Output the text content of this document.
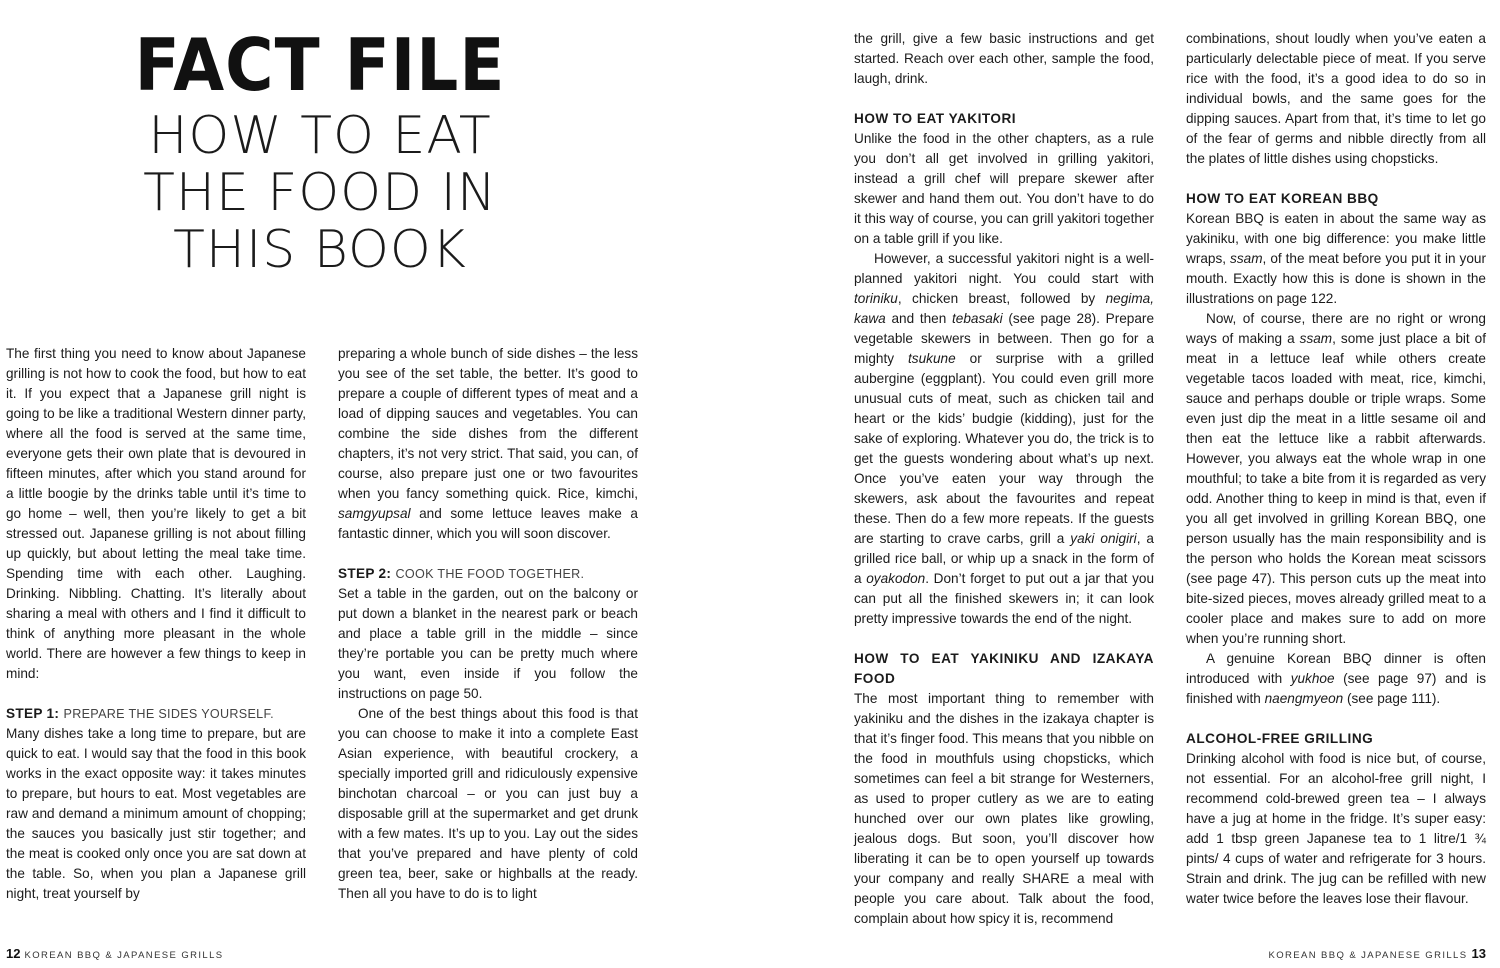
FACT FILE
HOW TO EAT
THE FOOD IN
THIS BOOK

The first thing you need to know about Japanese grilling is not how to cook the food, but how to eat it. If you expect that a Japanese grill night is going to be like a traditional Western dinner party, where all the food is served at the same time, everyone gets their own plate that is devoured in fifteen minutes, after which you stand around for a little boogie by the drinks table until it’s time to go home – well, then you’re likely to get a bit stressed out. Japanese grilling is not about filling up quickly, but about letting the meal take time. Spending time with each other. Laughing. Drinking. Nibbling. Chatting. It’s literally about sharing a meal with others and I find it difficult to think of anything more pleasant in the whole world. There are however a few things to keep in mind:

STEP 1: PREPARE THE SIDES YOURSELF.

Many dishes take a long time to prepare, but are quick to eat. I would say that the food in this book works in the exact opposite way: it takes minutes to prepare, but hours to eat. Most vegetables are raw and demand a minimum amount of chopping; the sauces you basically just stir together; and the meat is cooked only once you are sat down at the table. So, when you plan a Japanese grill night, treat yourself by

preparing a whole bunch of side dishes – the less you see of the set table, the better. It’s good to prepare a couple of different types of meat and a load of dipping sauces and vegetables. You can combine the side dishes from the different chapters, it’s not very strict. That said, you can, of course, also prepare just one or two favourites when you fancy something quick. Rice, kimchi, samgyupsal and some lettuce leaves make a fantastic dinner, which you will soon discover.

STEP 2: COOK THE FOOD TOGETHER.

Set a table in the garden, out on the balcony or put down a blanket in the nearest park or beach and place a table grill in the middle – since they’re portable you can be pretty much where you want, even inside if you follow the instructions on page 50.

One of the best things about this food is that you can choose to make it into a complete East Asian experience, with beautiful crockery, a specially imported grill and ridiculously expensive binchotan charcoal – or you can just buy a disposable grill at the supermarket and get drunk with a few mates. It’s up to you. Lay out the sides that you’ve prepared and have plenty of cold green tea, beer, sake or highballs at the ready. Then all you have to do is to light

12 KOREAN BBQ & JAPANESE GRILLS

the grill, give a few basic instructions and get started. Reach over each other, sample the food, laugh, drink.

HOW TO EAT YAKITORI

Unlike the food in the other chapters, as a rule you don’t all get involved in grilling yakitori, instead a grill chef will prepare skewer after skewer and hand them out. You don’t have to do it this way of course, you can grill yakitori together on a table grill if you like.

However, a successful yakitori night is a well-planned yakitori night. You could start with toriniku, chicken breast, followed by negima, kawa and then tebasaki (see page 28). Prepare vegetable skewers in between. Then go for a mighty tsukune or surprise with a grilled aubergine (eggplant). You could even grill more unusual cuts of meat, such as chicken tail and heart or the kids’ budgie (kidding), just for the sake of exploring. Whatever you do, the trick is to get the guests wondering about what’s up next. Once you’ve eaten your way through the skewers, ask about the favourites and repeat these. Then do a few more repeats. If the guests are starting to crave carbs, grill a yaki onigiri, a grilled rice ball, or whip up a snack in the form of a oyakodon. Don’t forget to put out a jar that you can put all the finished skewers in; it can look pretty impressive towards the end of the night.

HOW TO EAT YAKINIKU AND IZAKAYA FOOD

The most important thing to remember with yakiniku and the dishes in the izakaya chapter is that it’s finger food. This means that you nibble on the food in mouthfuls using chopsticks, which sometimes can feel a bit strange for Westerners, as used to proper cutlery as we are to eating hunched over our own plates like growling, jealous dogs. But soon, you’ll discover how liberating it can be to open yourself up towards your company and really SHARE a meal with people you care about. Talk about the food, complain about how spicy it is, recommend

combinations, shout loudly when you’ve eaten a particularly delectable piece of meat. If you serve rice with the food, it’s a good idea to do so in individual bowls, and the same goes for the dipping sauces. Apart from that, it’s time to let go of the fear of germs and nibble directly from all the plates of little dishes using chopsticks.

HOW TO EAT KOREAN BBQ

Korean BBQ is eaten in about the same way as yakiniku, with one big difference: you make little wraps, ssam, of the meat before you put it in your mouth. Exactly how this is done is shown in the illustrations on page 122.

Now, of course, there are no right or wrong ways of making a ssam, some just place a bit of meat in a lettuce leaf while others create vegetable tacos loaded with meat, rice, kimchi, sauce and perhaps double or triple wraps. Some even just dip the meat in a little sesame oil and then eat the lettuce like a rabbit afterwards. However, you always eat the whole wrap in one mouthful; to take a bite from it is regarded as very odd. Another thing to keep in mind is that, even if you all get involved in grilling Korean BBQ, one person usually has the main responsibility and is the person who holds the Korean meat scissors (see page 47). This person cuts up the meat into bite-sized pieces, moves already grilled meat to a cooler place and makes sure to add on more when you’re running short.

A genuine Korean BBQ dinner is often introduced with yukhoe (see page 97) and is finished with naengmyeon (see page 111).

ALCOHOL-FREE GRILLING

Drinking alcohol with food is nice but, of course, not essential. For an alcohol-free grill night, I recommend cold-brewed green tea – I always have a jug at home in the fridge. It’s super easy: add 1 tbsp green Japanese tea to 1 litre/1 ¾ pints/ 4 cups of water and refrigerate for 3 hours. Strain and drink. The jug can be refilled with new water twice before the leaves lose their flavour.

KOREAN BBQ & JAPANESE GRILLS 13
